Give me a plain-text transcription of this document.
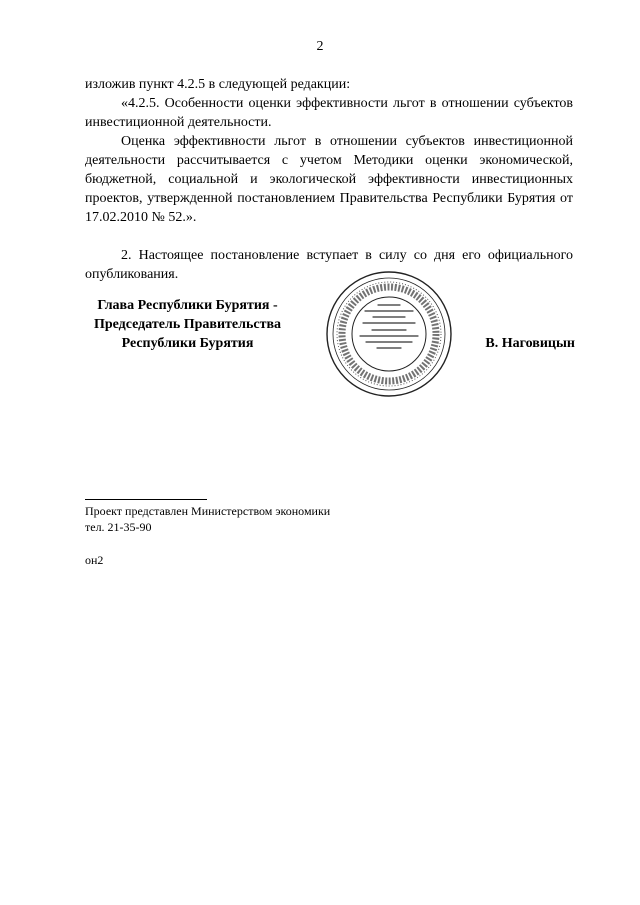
2

изложив пункт 4.2.5 в следующей редакции:

«4.2.5. Особенности оценки эффективности льгот в отношении субъектов инвестиционной деятельности.

Оценка эффективности льгот в отношении субъектов инвестиционной деятельности рассчитывается с учетом Методики оценки экономической, бюджетной, социальной и экологической эффективности инвестиционных проектов, утвержденной постановлением Правительства Республики Бурятия от 17.02.2010 № 52.».

2. Настоящее постановление вступает в силу со дня его официального опубликования.

Глава Республики Бурятия -
Председатель Правительства
Республики Бурятия	В. Наговицын
Проект представлен Министерством экономики
тел. 21-35-90
он2
